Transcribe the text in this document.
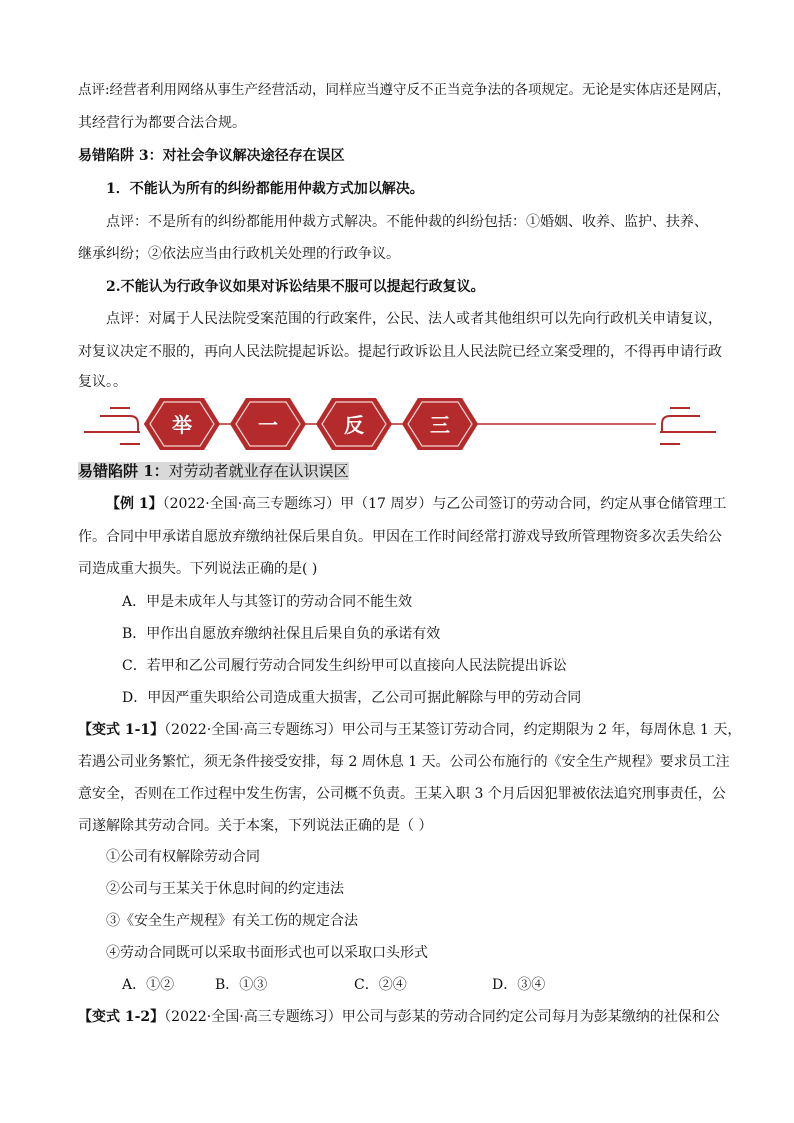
点评:经营者利用网络从事生产经营活动，同样应当遵守反不正当竞争法的各项规定。无论是实体店还是网店，
其经营行为都要合法合规。
易错陷阱 3：对社会争议解决途径存在误区
1．不能认为所有的纠纷都能用仲裁方式加以解决。
点评：不是所有的纠纷都能用仲裁方式解决。不能仲裁的纠纷包括：①婚姻、收养、监护、扶养、
继承纠纷；②依法应当由行政机关处理的行政争议。
2.不能认为行政争议如果对诉讼结果不服可以提起行政复议。
点评：对属于人民法院受案范围的行政案件，公民、法人或者其他组织可以先向行政机关申请复议，
对复议决定不服的，再向人民法院提起诉讼。提起行政诉讼且人民法院已经立案受理的，不得再申请行政
复议。。
举	一	反	三
易错陷阱 1：对劳动者就业存在认识误区
【例 1】（2022·全国·高三专题练习）甲（17 周岁）与乙公司签订的劳动合同，约定从事仓储管理工
作。合同中甲承诺自愿放弃缴纳社保后果自负。甲因在工作时间经常打游戏导致所管理物资多次丢失给公
司造成重大损失。下列说法正确的是( )
A．甲是未成年人与其签订的劳动合同不能生效
B．甲作出自愿放弃缴纳社保且后果自负的承诺有效
C．若甲和乙公司履行劳动合同发生纠纷甲可以直接向人民法院提出诉讼
D．甲因严重失职给公司造成重大损害，乙公司可据此解除与甲的劳动合同
【变式 1-1】（2022·全国·高三专题练习）甲公司与王某签订劳动合同，约定期限为 2 年，每周休息 1 天，
若遇公司业务繁忙，须无条件接受安排，每 2 周休息 1 天。公司公布施行的《安全生产规程》要求员工注
意安全，否则在工作过程中发生伤害，公司概不负责。王某入职 3 个月后因犯罪被依法追究刑事责任，公
司遂解除其劳动合同。关于本案，下列说法正确的是（ ）
①公司有权解除劳动合同
②公司与王某关于休息时间的约定违法
③《安全生产规程》有关工伤的规定合法
④劳动合同既可以采取书面形式也可以采取口头形式
A．①②	B．①③	C．②④	D．③④
【变式 1-2】（2022·全国·高三专题练习）甲公司与彭某的劳动合同约定公司每月为彭某缴纳的社保和公
